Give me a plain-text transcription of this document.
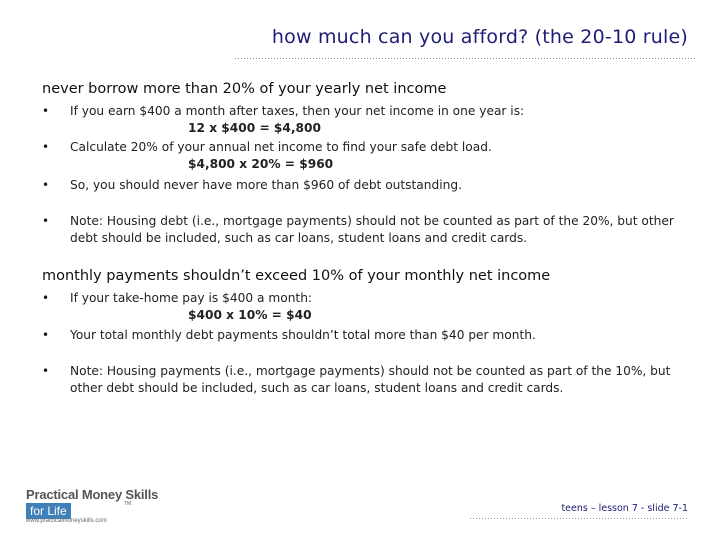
how much can you afford? (the 20-10 rule)
never borrow more than 20% of your yearly net income
• If you earn $400 a month after taxes, then your net income in one year is:
12 x $400 = $4,800
• Calculate 20% of your annual net income to find your safe debt load.
$4,800 x 20% = $960
• So, you should never have more than $960 of debt outstanding.
• Note: Housing debt (i.e., mortgage payments) should not be counted as part of the 20%, but other debt should be included, such as car loans, student loans and credit cards.
monthly payments shouldn’t exceed 10% of your monthly net income
• If your take-home pay is $400 a month:
$400 x 10% = $40
• Your total monthly debt payments shouldn’t total more than $40 per month.
• Note: Housing payments (i.e., mortgage payments) should not be counted as part of the 10%, but other debt should be included, such as car loans, student loans and credit cards.
Practical Money Skills
for Life	TM
www.practicalmoneyskills.com
teens – lesson 7 - slide 7-1
